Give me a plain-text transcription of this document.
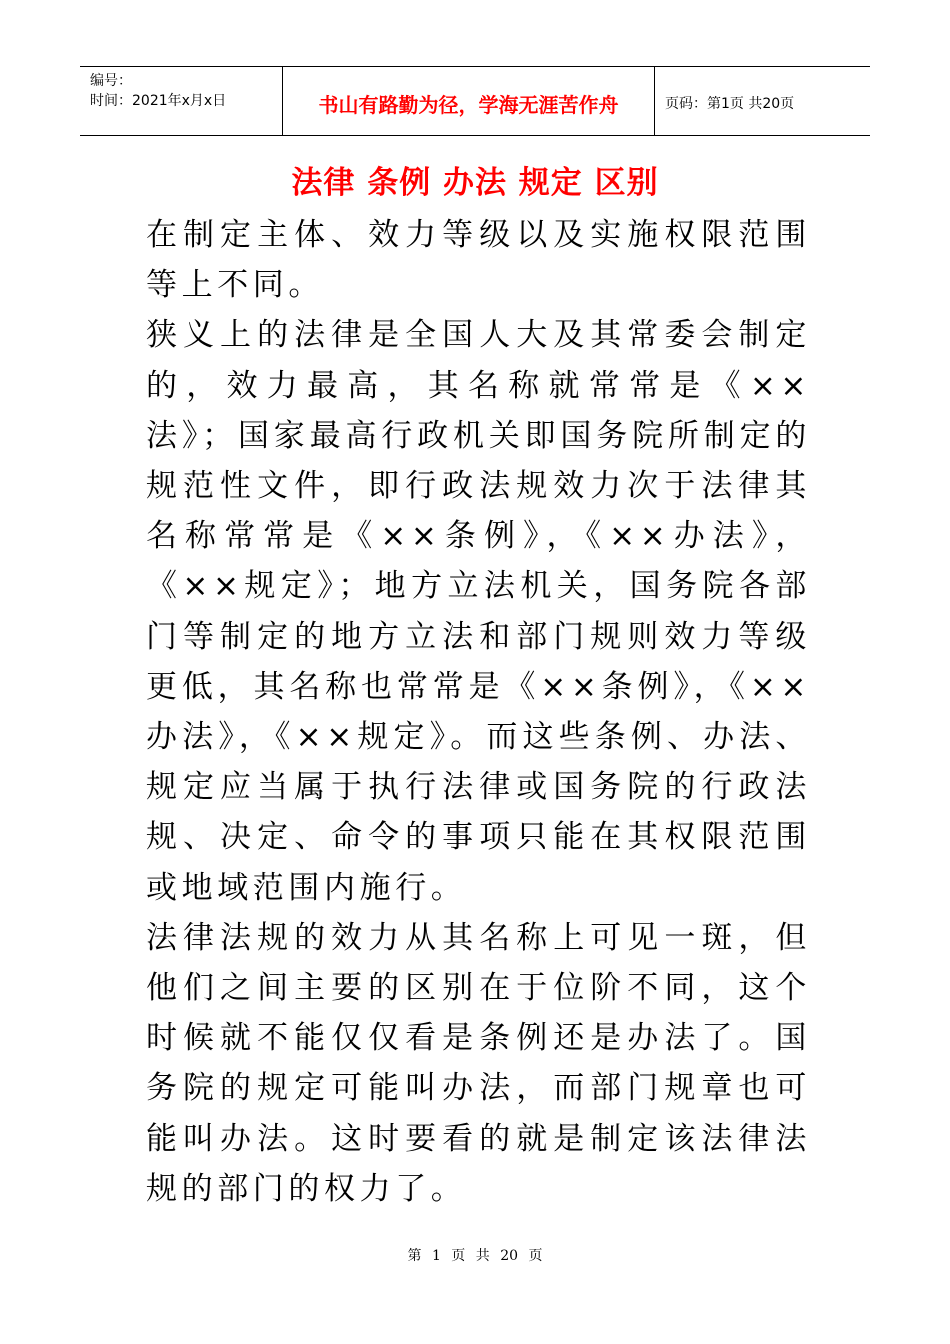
编号：
时间：2021年x月x日	书山有路勤为径，学海无涯苦作舟	页码：第1页 共20页
法律 条例 办法 规定 区别

在制定主体、效力等级以及实施权限范围等上不同。

狭义上的法律是全国人大及其常委会制定的，效力最高，其名称就常常是《××法》；国家最高行政机关即国务院所制定的规范性文件，即行政法规效力次于法律其名称常常是《××条例》，《××办法》，《××规定》；地方立法机关，国务院各部门等制定的地方立法和部门规则效力等级更低，其名称也常常是《××条例》，《××办法》，《××规定》。而这些条例、办法、规定应当属于执行法律或国务院的行政法规、决定、命令的事项只能在其权限范围或地域范围内施行。

法律法规的效力从其名称上可见一斑，但他们之间主要的区别在于位阶不同，这个时候就不能仅仅看是条例还是办法了。国务院的规定可能叫办法，而部门规章也可能叫办法。这时要看的就是制定该法律法规的部门的权力了。

第 1 页 共 20 页
